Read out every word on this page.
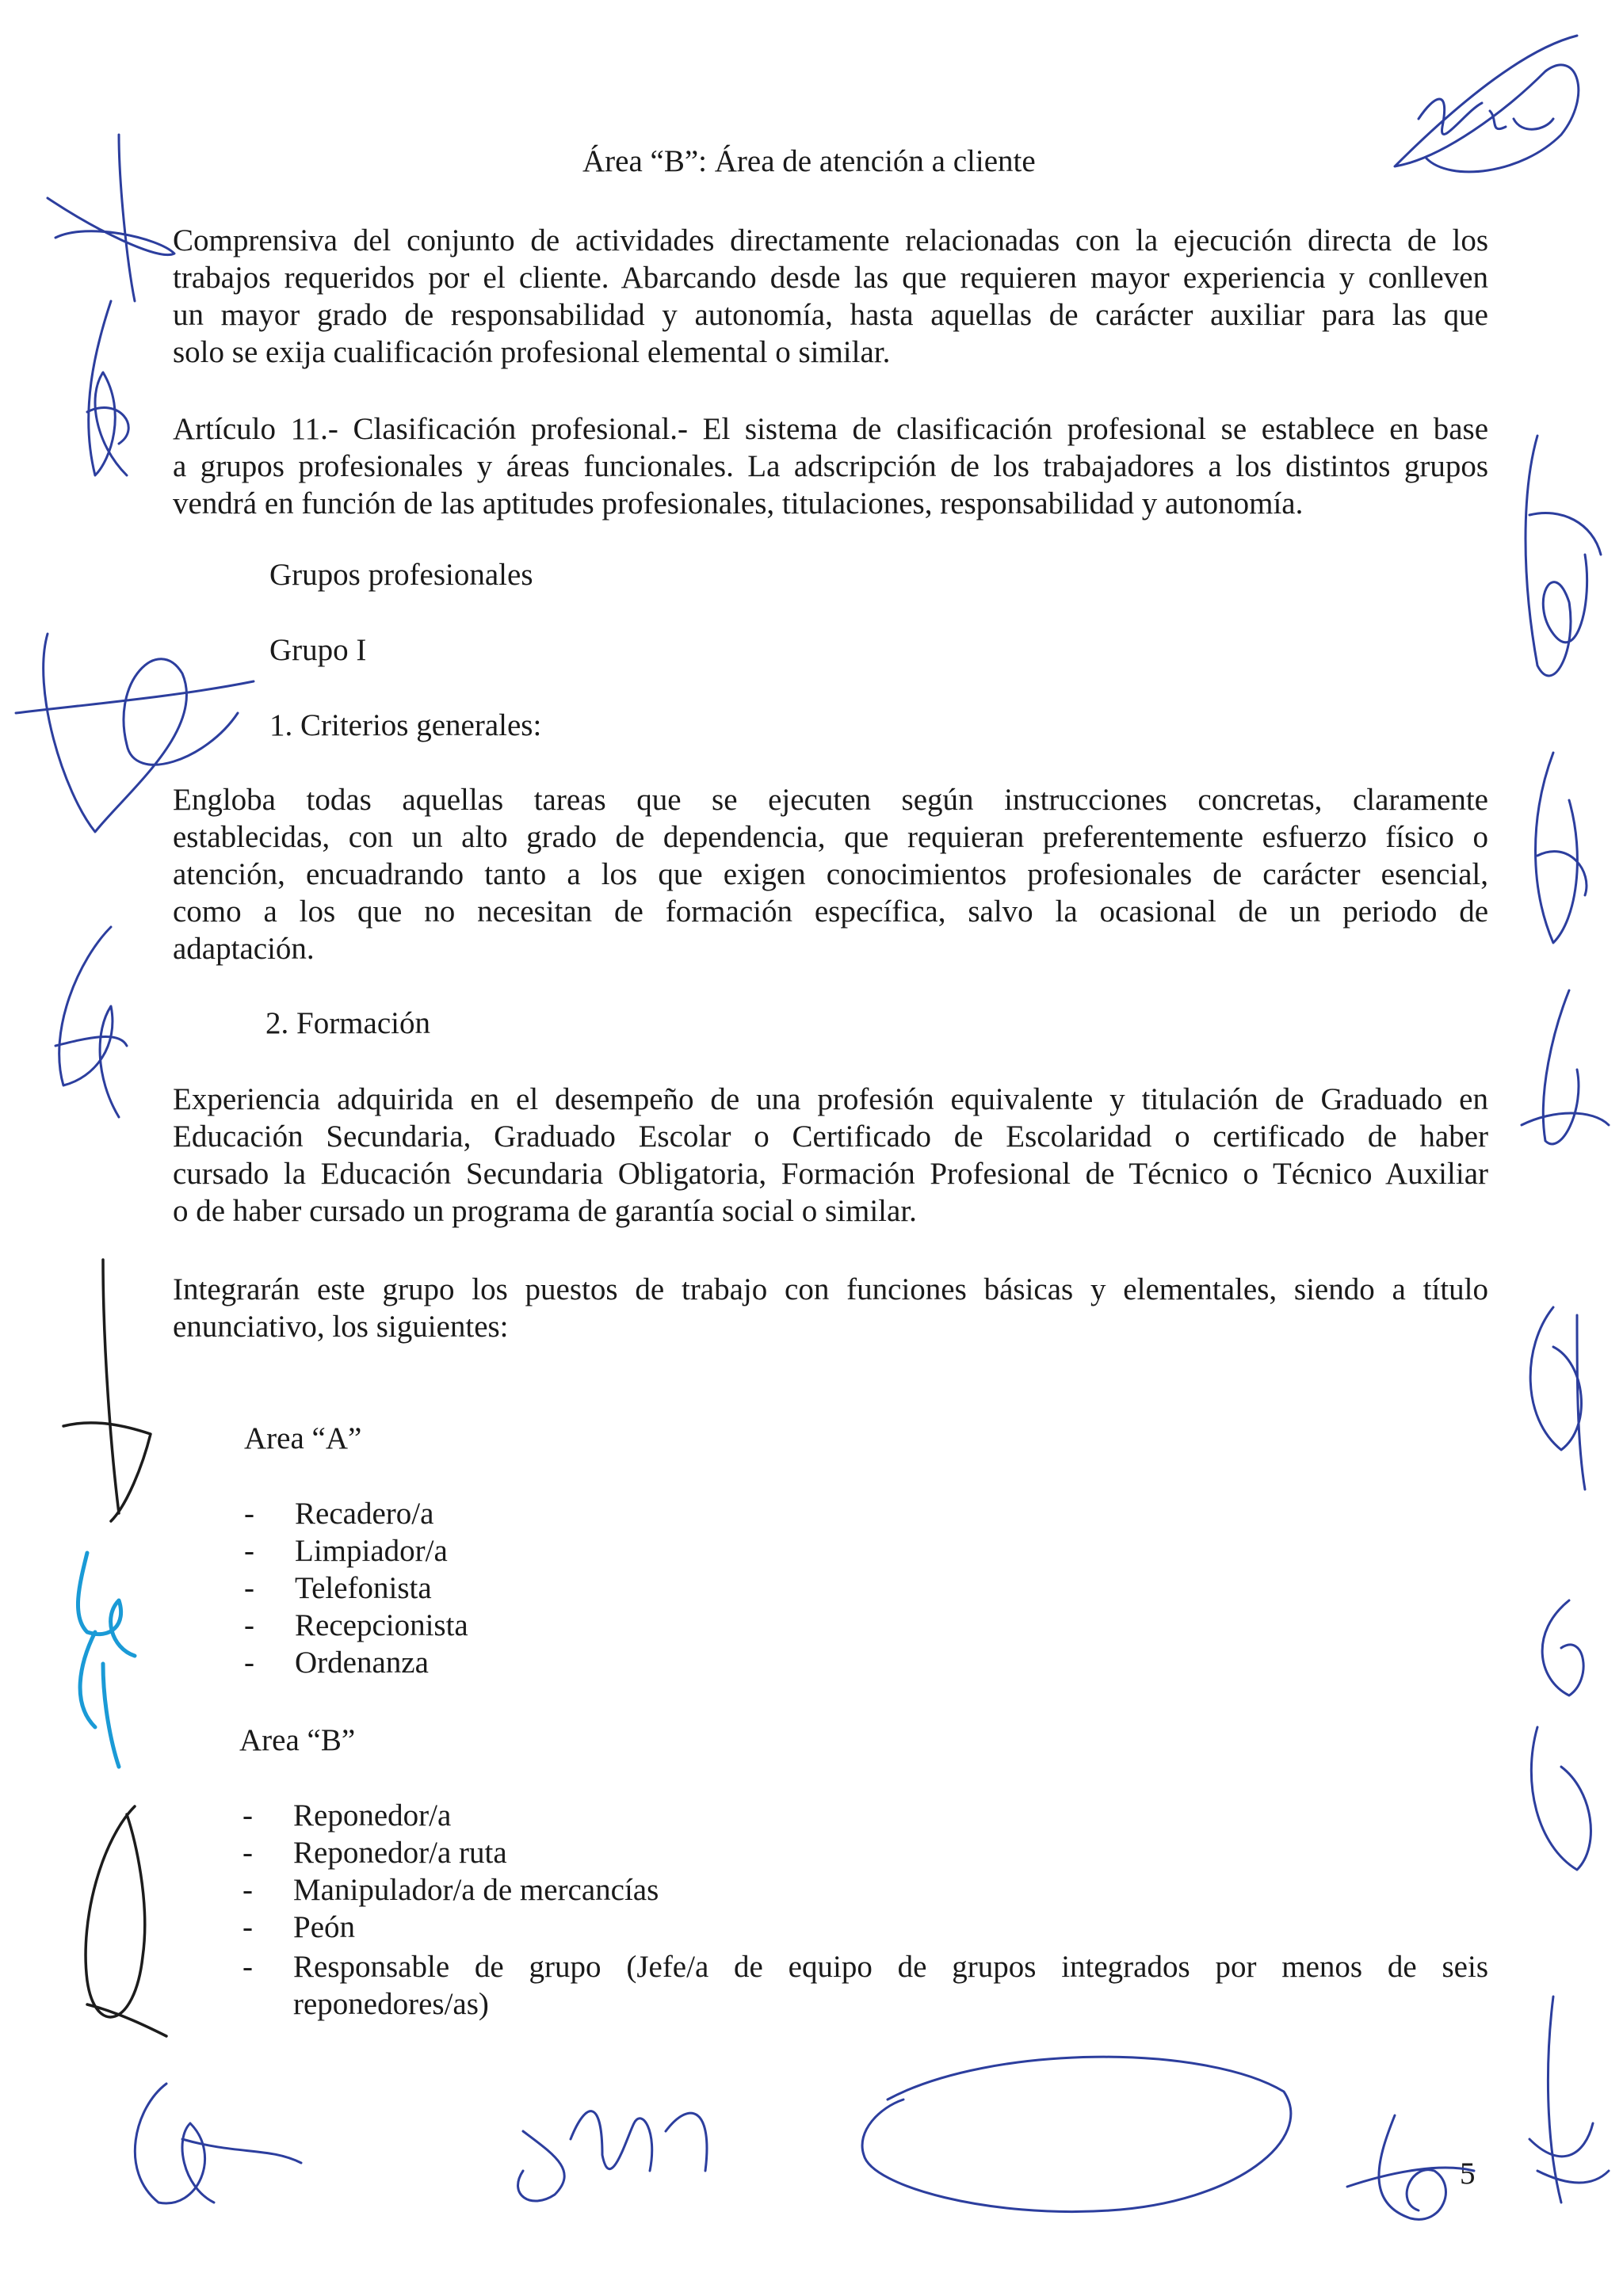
Área “B”: Área de atención a cliente
Comprensiva del conjunto de actividades directamente relacionadas con la ejecución directa de los
trabajos requeridos por el cliente. Abarcando desde las que requieren mayor experiencia y conlleven
un mayor grado de responsabilidad y autonomía, hasta aquellas de carácter auxiliar para las que
solo se exija cualificación profesional elemental o similar.
Artículo 11.- Clasificación profesional.- El sistema de clasificación profesional se establece en base
a grupos profesionales y áreas funcionales. La adscripción de los trabajadores a los distintos grupos
vendrá en función de las aptitudes profesionales, titulaciones, responsabilidad y autonomía.
Grupos profesionales
Grupo I
1. Criterios generales:
Engloba todas aquellas tareas que se ejecuten según instrucciones concretas, claramente
establecidas, con un alto grado de dependencia, que requieran preferentemente esfuerzo físico o
atención, encuadrando tanto a los que exigen conocimientos profesionales de carácter esencial,
como a los que no necesitan de formación específica, salvo la ocasional de un periodo de
adaptación.
2. Formación
Experiencia adquirida en el desempeño de una profesión equivalente y titulación de Graduado en
Educación Secundaria, Graduado Escolar o Certificado de Escolaridad o certificado de haber
cursado la Educación Secundaria Obligatoria, Formación Profesional de Técnico o Técnico Auxiliar
o de haber cursado un programa de garantía social o similar.
Integrarán este grupo los puestos de trabajo con funciones básicas y elementales, siendo a título
enunciativo, los siguientes:
Area “A”
- Recadero/a
- Limpiador/a
- Telefonista
- Recepcionista
- Ordenanza
Area “B”
- Reponedor/a
- Reponedor/a ruta
- Manipulador/a de mercancías
- Peón
-	Responsable de grupo (Jefe/a de equipo de grupos integrados por menos de seis
reponedores/as)
5
